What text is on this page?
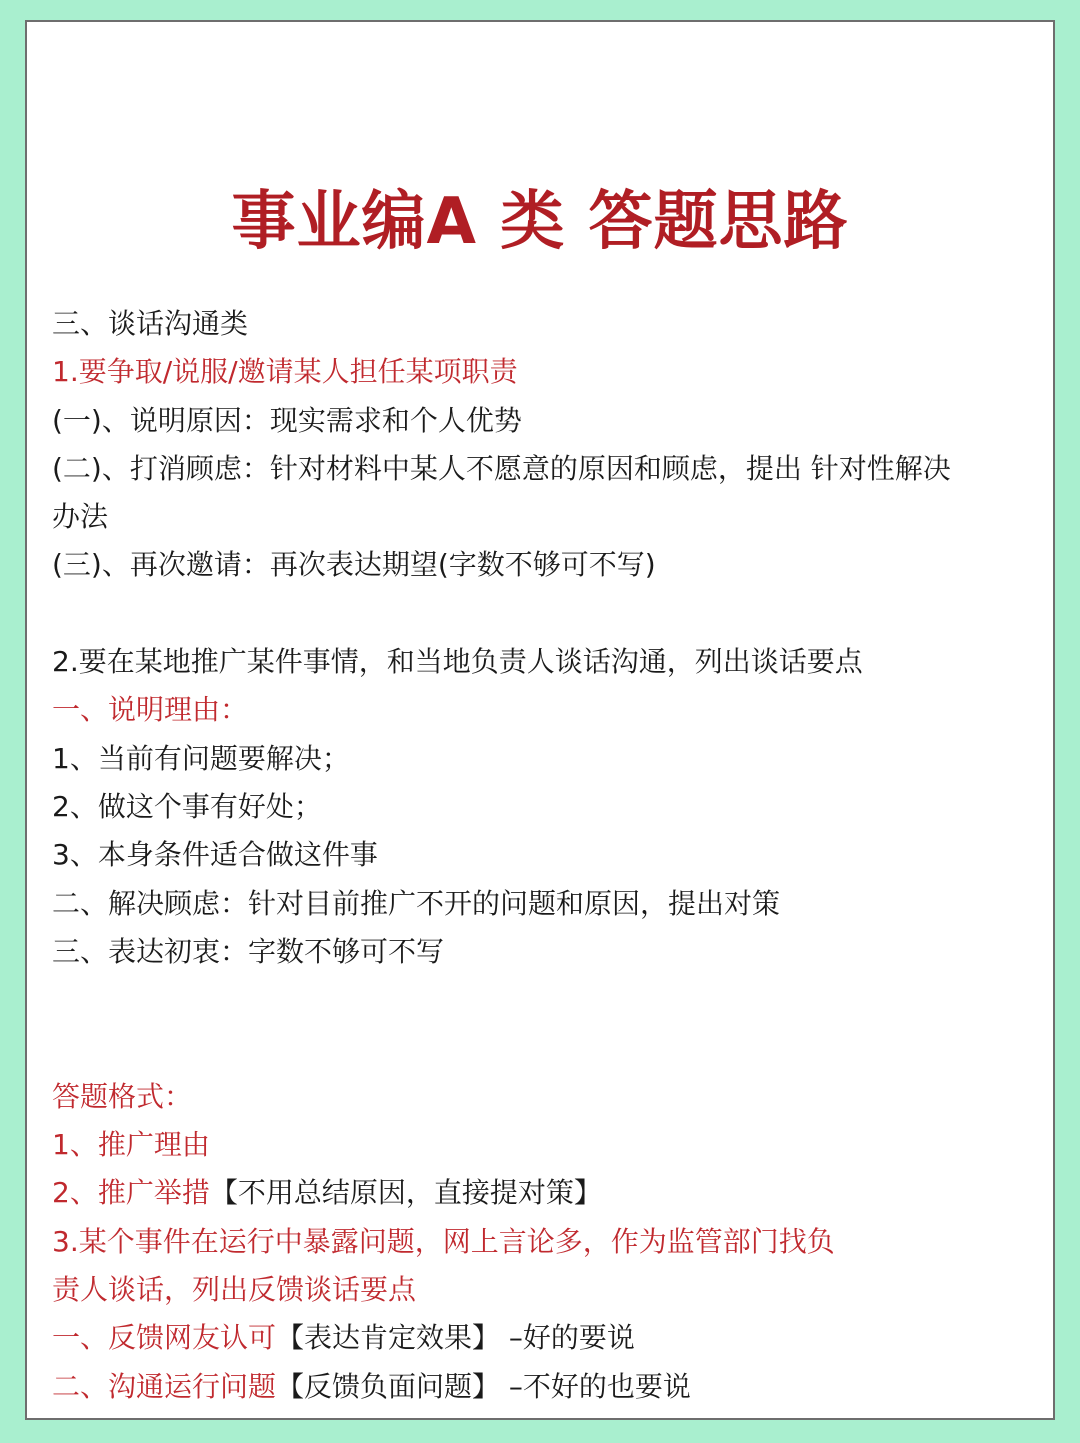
事业编A 类 答题思路
三、谈话沟通类
1.要争取/说服/邀请某人担任某项职责
(一)、说明原因：现实需求和个人优势
(二)、打消顾虑：针对材料中某人不愿意的原因和顾虑，提出 针对性解决
办法
(三)、再次邀请：再次表达期望(字数不够可不写)
2.要在某地推广某件事情，和当地负责人谈话沟通，列出谈话要点
一、说明理由：
1、当前有问题要解决；
2、做这个事有好处；
3、本身条件适合做这件事
二、解决顾虑：针对目前推广不开的问题和原因，提出对策
三、表达初衷：字数不够可不写
答题格式：
1、推广理由
2、推广举措【不用总结原因，直接提对策】
3.某个事件在运行中暴露问题，网上言论多，作为监管部门找负
责人谈话，列出反馈谈话要点
一、反馈网友认可【表达肯定效果】 –好的要说
二、沟通运行问题【反馈负面问题】 –不好的也要说
